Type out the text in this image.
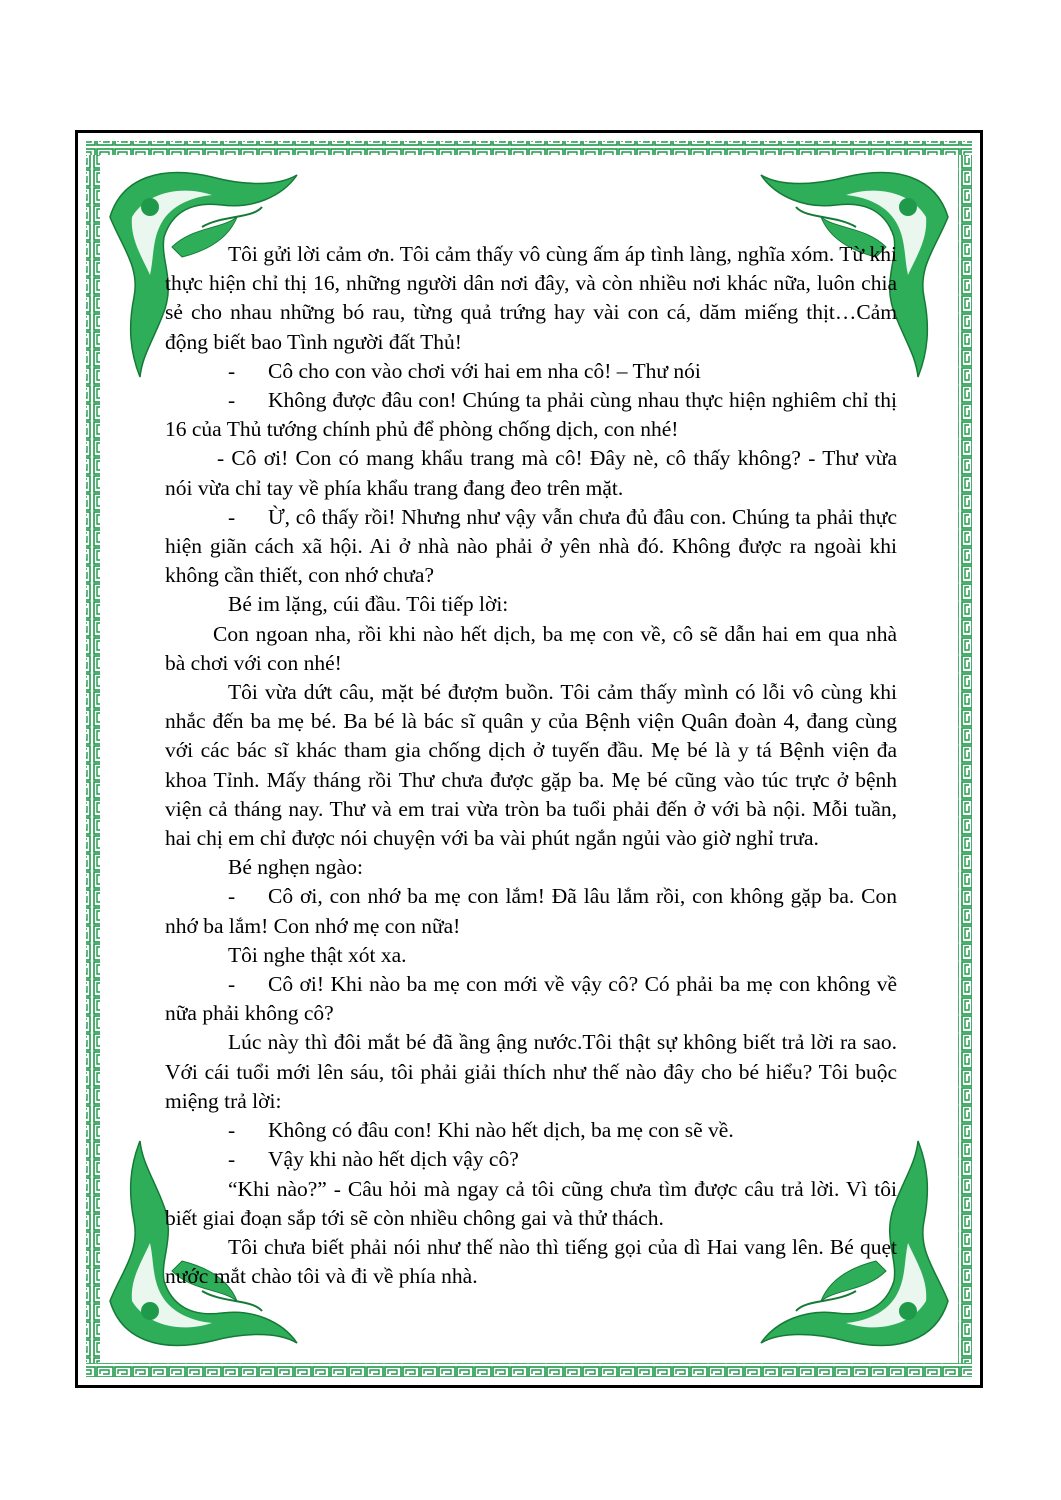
Tôi gửi lời cảm ơn. Tôi cảm thấy vô cùng ấm áp tình làng, nghĩa xóm. Từ khi thực hiện chỉ thị 16, những người dân nơi đây, và còn nhiều nơi khác nữa, luôn chia sẻ cho nhau những bó rau, từng quả trứng hay vài con cá, dăm miếng thịt…Cảm động biết bao Tình người đất Thủ!

- Cô cho con vào chơi với hai em nha cô! – Thư nói

- Không được đâu con! Chúng ta phải cùng nhau thực hiện nghiêm chỉ thị 16 của Thủ tướng chính phủ để phòng chống dịch, con nhé!

- Cô ơi! Con có mang khẩu trang mà cô! Đây nè, cô thấy không? - Thư vừa nói vừa chỉ tay về phía khẩu trang đang đeo trên mặt.

- Ừ, cô thấy rồi! Nhưng như vậy vẫn chưa đủ đâu con. Chúng ta phải thực hiện giãn cách xã hội. Ai ở nhà nào phải ở yên nhà đó. Không được ra ngoài khi không cần thiết, con nhớ chưa?

Bé im lặng, cúi đầu. Tôi tiếp lời:

Con ngoan nha, rồi khi nào hết dịch, ba mẹ con về, cô sẽ dẫn hai em qua nhà bà chơi với con nhé!

Tôi vừa dứt câu, mặt bé đượm buồn. Tôi cảm thấy mình có lỗi vô cùng khi nhắc đến ba mẹ bé. Ba bé là bác sĩ quân y của Bệnh viện Quân đoàn 4, đang cùng với các bác sĩ khác tham gia chống dịch ở tuyến đầu. Mẹ bé là y tá Bệnh viện đa khoa Tỉnh. Mấy tháng rồi Thư chưa được gặp ba. Mẹ bé cũng vào túc trực ở bệnh viện cả tháng nay. Thư và em trai vừa tròn ba tuổi phải đến ở với bà nội. Mỗi tuần, hai chị em chỉ được nói chuyện với ba vài phút ngắn ngủi vào giờ nghỉ trưa.

Bé nghẹn ngào:

- Cô ơi, con nhớ ba mẹ con lắm! Đã lâu lắm rồi, con không gặp ba. Con nhớ ba lắm! Con nhớ mẹ con nữa!

Tôi nghe thật xót xa.

- Cô ơi! Khi nào ba mẹ con mới về vậy cô? Có phải ba mẹ con không về nữa phải không cô?

Lúc này thì đôi mắt bé đã ầng ậng nước.Tôi thật sự không biết trả lời ra sao. Với cái tuổi mới lên sáu, tôi phải giải thích như thế nào đây cho bé hiểu? Tôi buộc miệng trả lời:

- Không có đâu con! Khi nào hết dịch, ba mẹ con sẽ về.

- Vậy khi nào hết dịch vậy cô?

“Khi nào?” - Câu hỏi mà ngay cả tôi cũng chưa tìm được câu trả lời. Vì tôi biết giai đoạn sắp tới sẽ còn nhiều chông gai và thử thách.

Tôi chưa biết phải nói như thế nào thì tiếng gọi của dì Hai vang lên. Bé quẹt nước mắt chào tôi và đi về phía nhà.
